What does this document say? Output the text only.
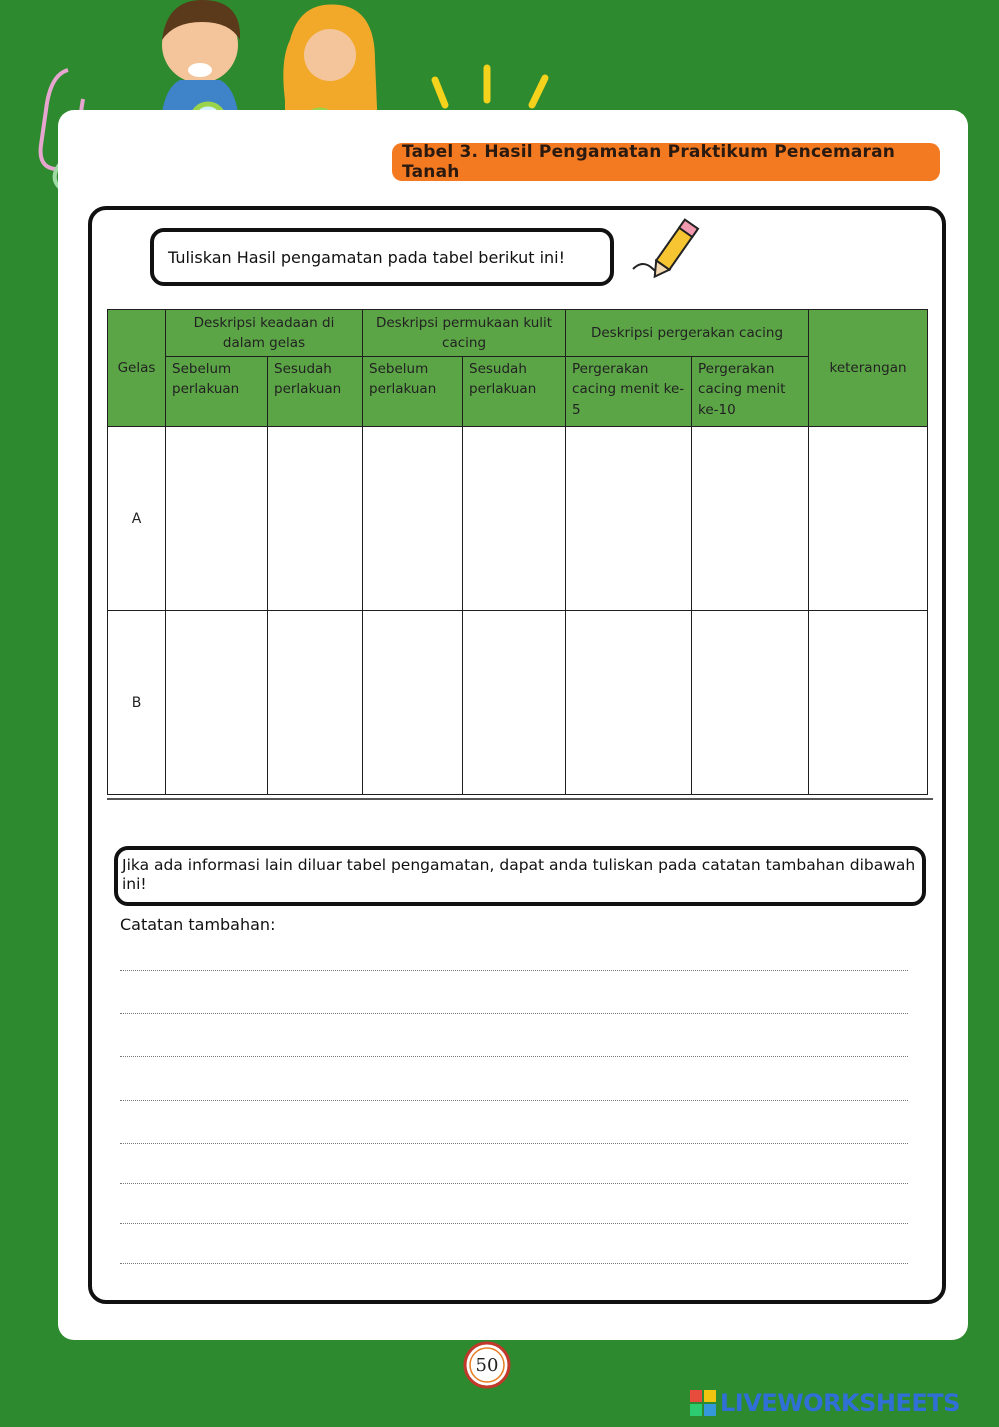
Tabel 3. Hasil Pengamatan Praktikum Pencemaran Tanah
Tuliskan Hasil pengamatan pada tabel berikut ini!
Gelas	Deskripsi keadaan di dalam gelas		Deskripsi permukaan kulit cacing		Deskripsi pergerakan cacing		keterangan
	Sebelum perlakuan	Sesudah perlakuan	Sebelum perlakuan	Sesudah perlakuan	Pergerakan cacing menit ke-5	Pergerakan cacing menit ke-10	
A							
B							
Jika ada informasi lain diluar tabel pengamatan, dapat anda tuliskan pada catatan tambahan dibawah ini!
Catatan tambahan:
50
LIVEWORKSHEETS
